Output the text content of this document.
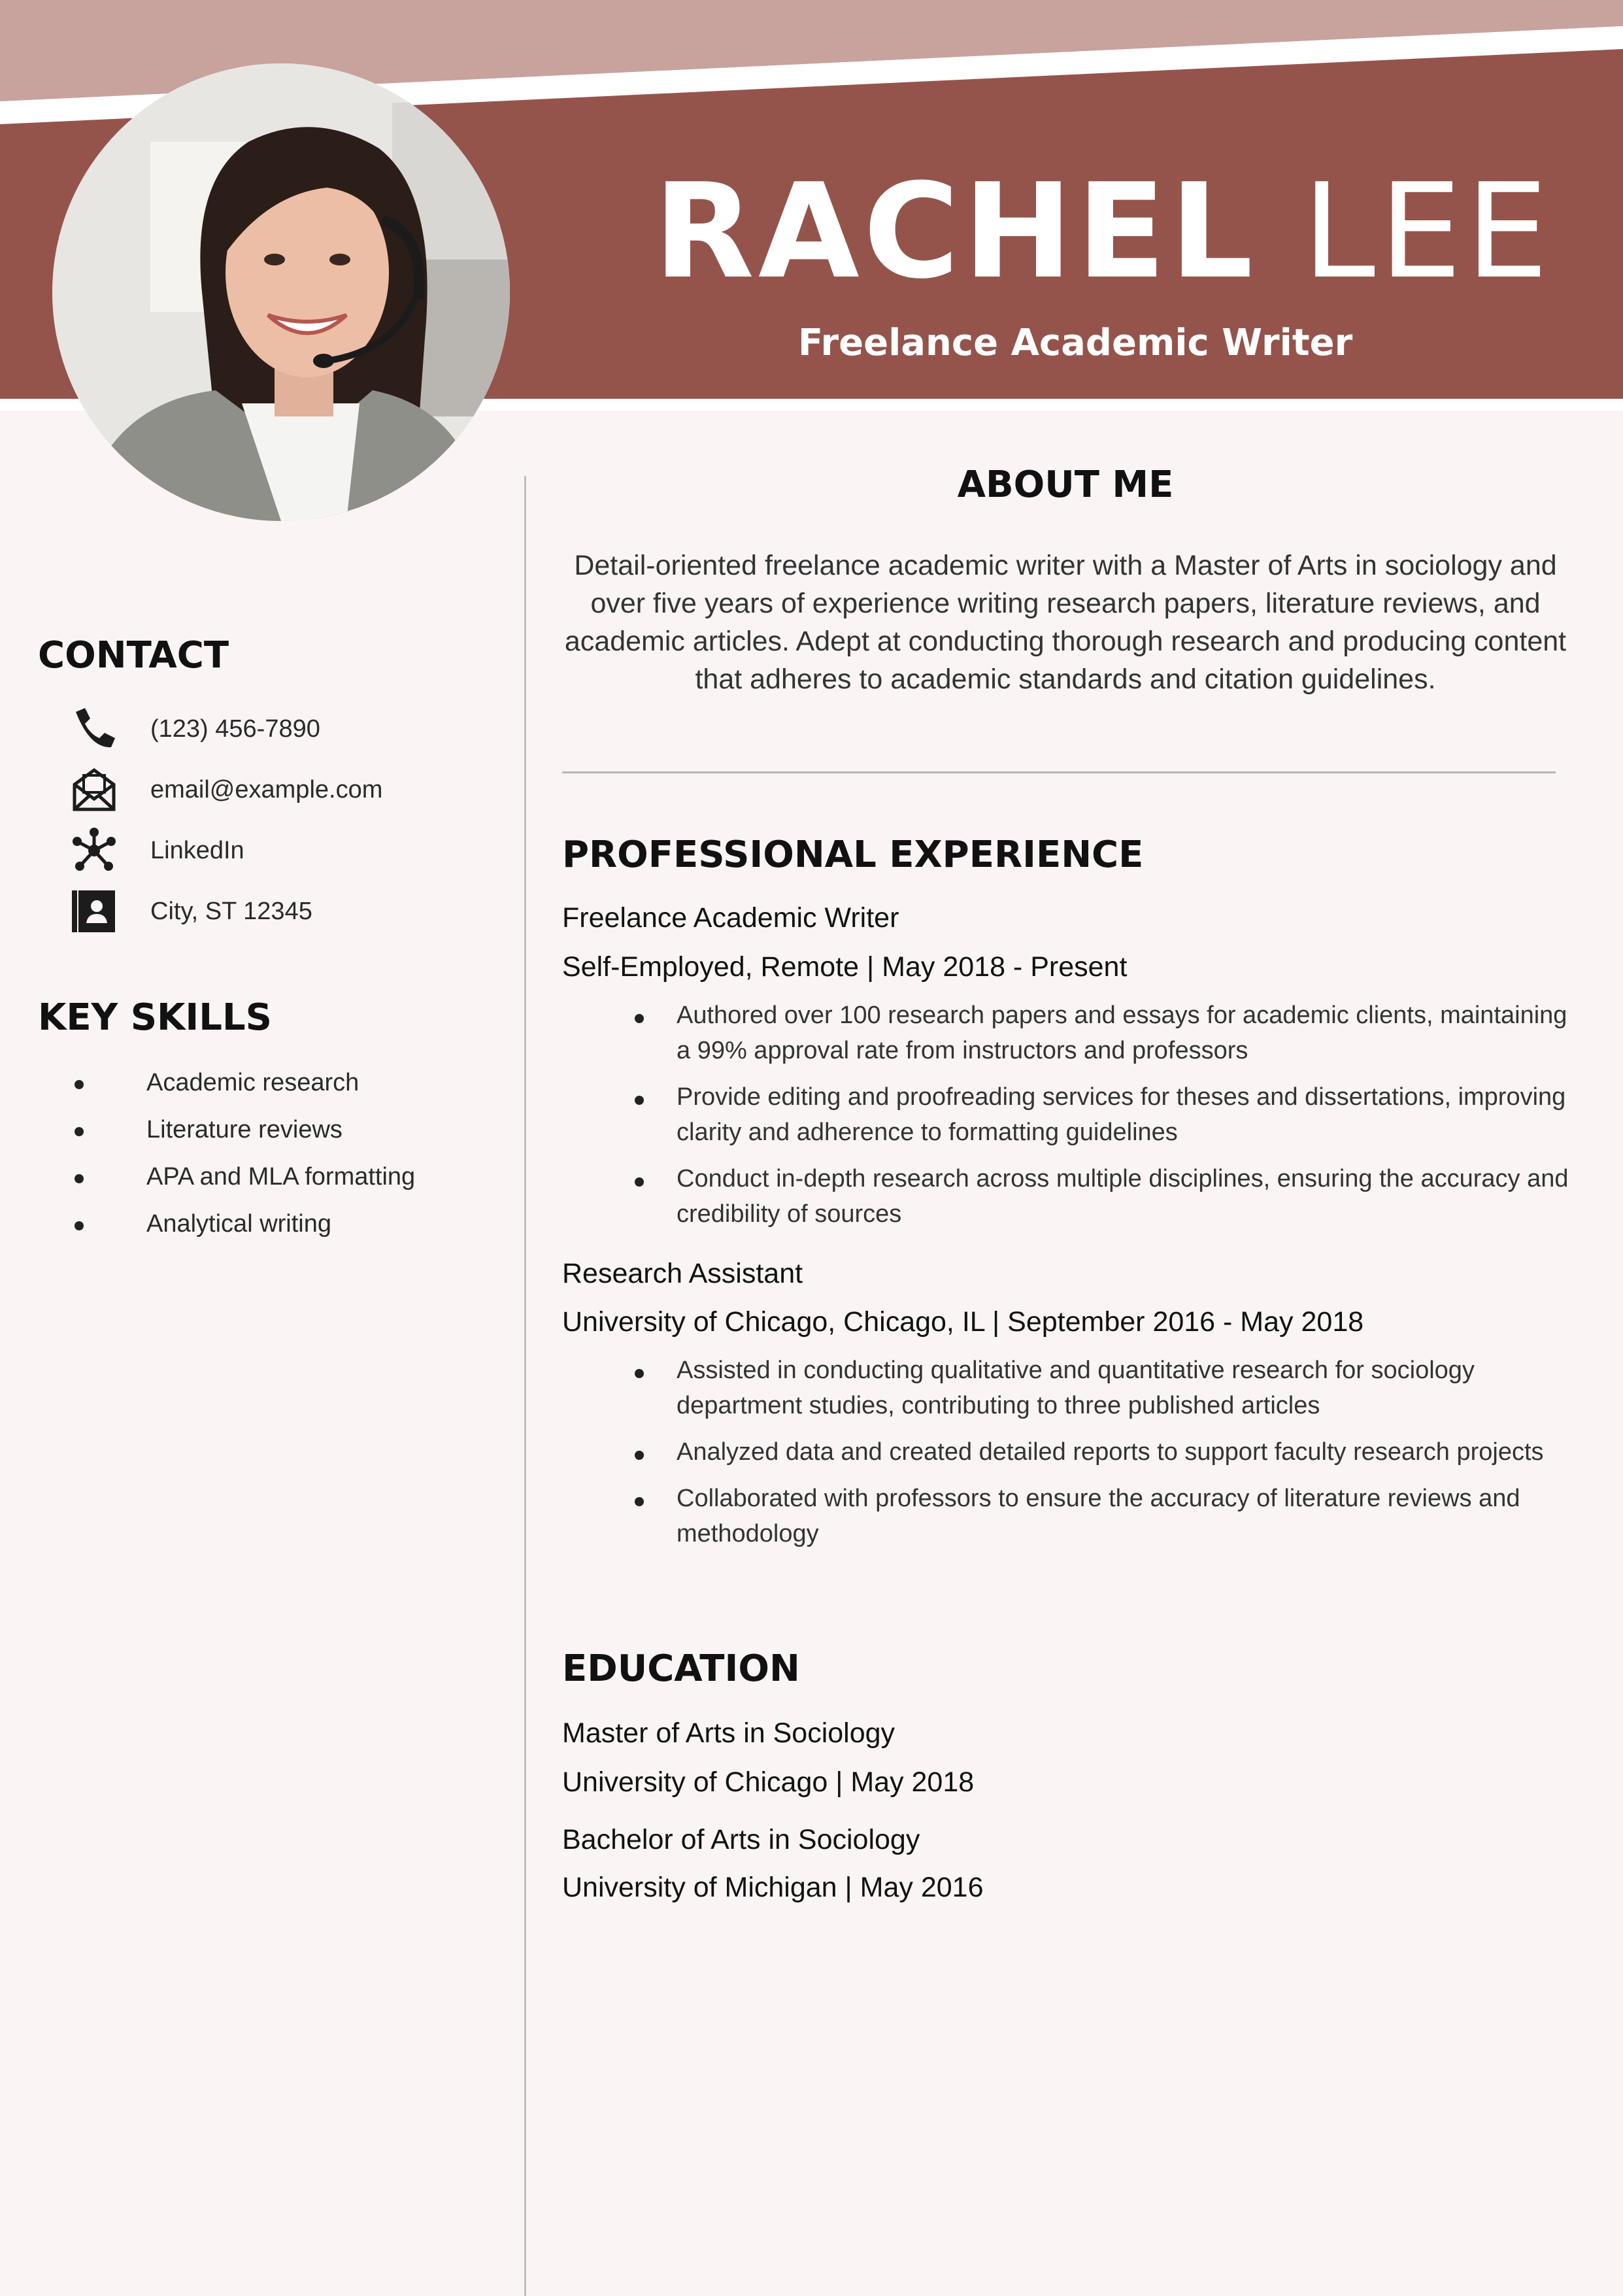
RACHEL LEE
Freelance Academic Writer
CONTACT
(123) 456-7890
email@example.com
LinkedIn
City, ST 12345
KEY SKILLS
Academic research
Literature reviews
APA and MLA formatting
Analytical writing
ABOUT ME

Detail-oriented freelance academic writer with a Master of Arts in sociology and over five years of experience writing research papers, literature reviews, and academic articles. Adept at conducting thorough research and producing content that adheres to academic standards and citation guidelines.

PROFESSIONAL EXPERIENCE

Freelance Academic Writer

Self-Employed, Remote | May 2018 - Present

Authored over 100 research papers and essays for academic clients, maintaining a 99% approval rate from instructors and professors
Provide editing and proofreading services for theses and dissertations, improving clarity and adherence to formatting guidelines
Conduct in-depth research across multiple disciplines, ensuring the accuracy and credibility of sources

Research Assistant

University of Chicago, Chicago, IL | September 2016 - May 2018

Assisted in conducting qualitative and quantitative research for sociology department studies, contributing to three published articles
Analyzed data and created detailed reports to support faculty research projects
Collaborated with professors to ensure the accuracy of literature reviews and methodology
EDUCATION

Master of Arts in Sociology

University of Chicago | May 2018

Bachelor of Arts in Sociology

University of Michigan | May 2016
